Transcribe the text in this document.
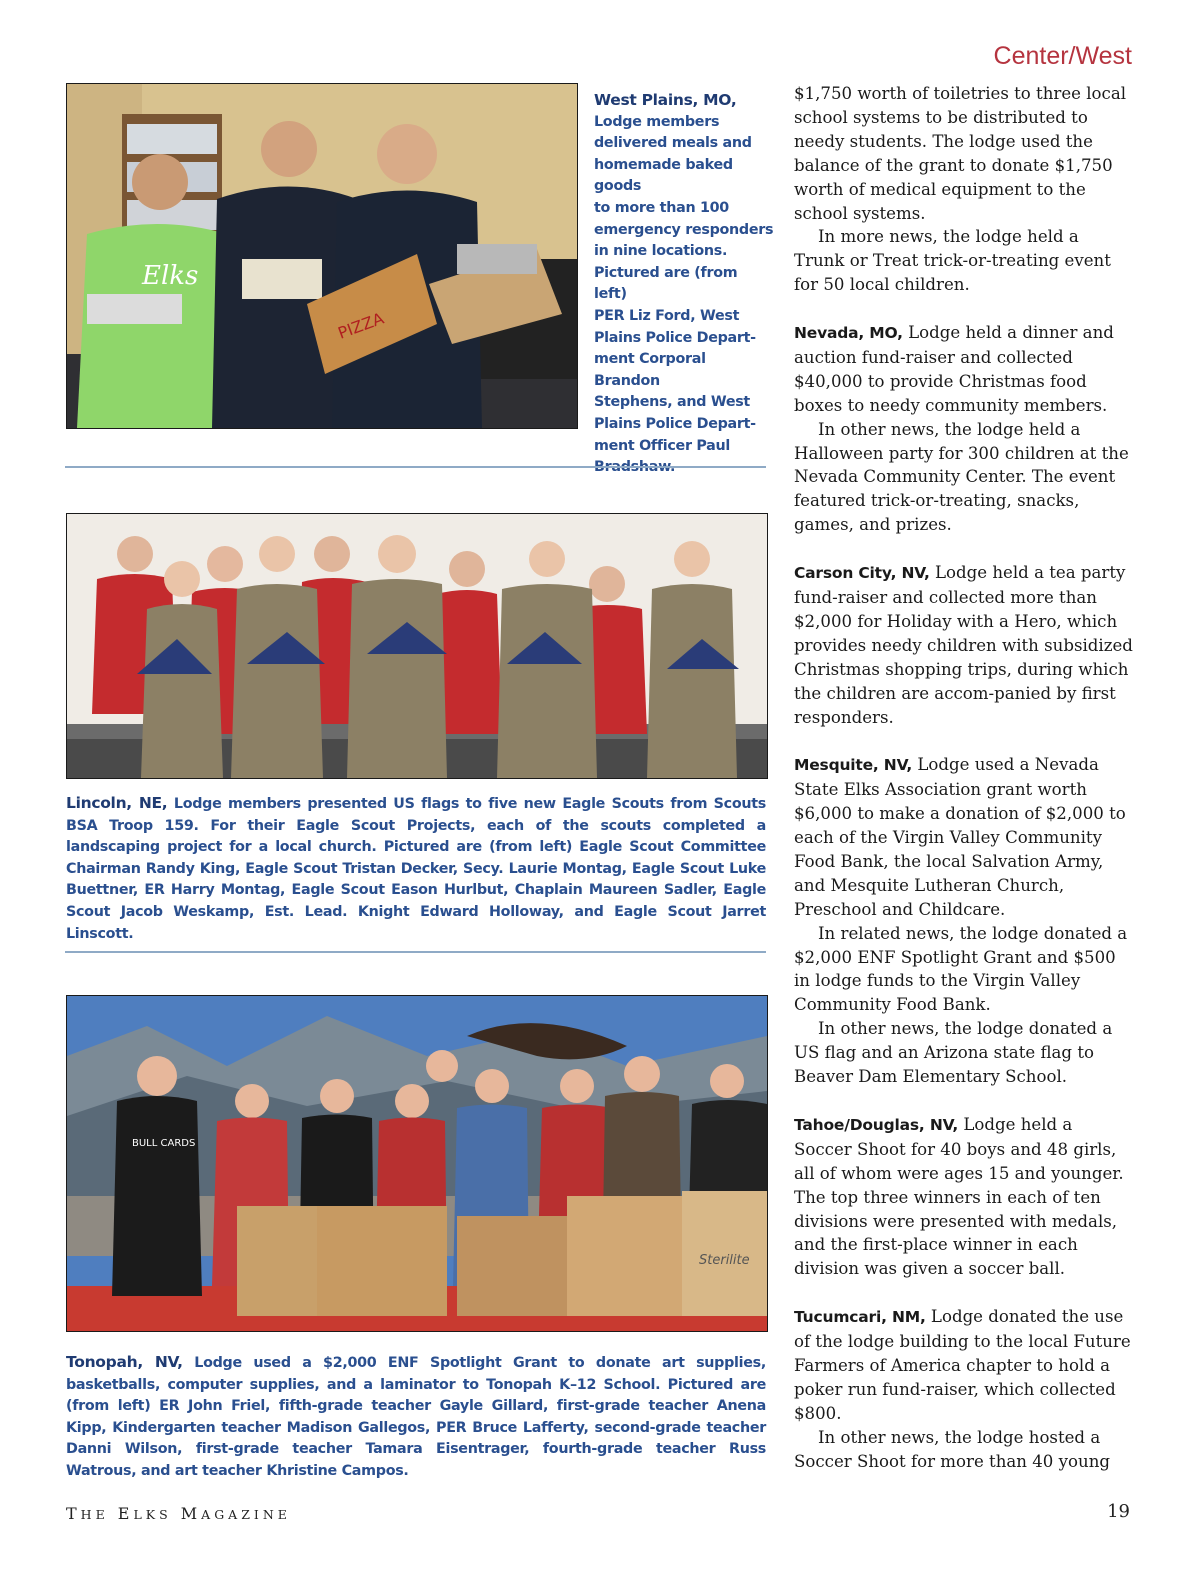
Center/West
Elks
PIZZA
West Plains, MO,
Lodge members
delivered meals and
homemade baked goods
to more than 100
emergency responders
in nine locations.
Pictured are (from left)
PER Liz Ford, West
Plains Police Depart-
ment Corporal Brandon
Stephens, and West
Plains Police Depart-
ment Officer Paul
Bradshaw.
Lincoln, NE, Lodge members presented US flags to five new Eagle Scouts from Scouts BSA Troop 159. For their Eagle Scout Projects, each of the scouts completed a landscaping project for a local church. Pictured are (from left) Eagle Scout Committee Chairman Randy King, Eagle Scout Tristan Decker, Secy. Laurie Montag, Eagle Scout Luke Buettner, ER Harry Montag, Eagle Scout Eason Hurlbut, Chaplain Maureen Sadler, Eagle Scout Jacob Weskamp, Est. Lead. Knight Edward Holloway, and Eagle Scout Jarret Linscott.
BULL CARDS
Sterilite
Tonopah, NV, Lodge used a $2,000 ENF Spotlight Grant to donate art supplies, basketballs, computer supplies, and a laminator to Tonopah K–12 School. Pictured are (from left) ER John Friel, fifth-grade teacher Gayle Gillard, first-grade teacher Anena Kipp, Kindergarten teacher Madison Gallegos, PER Bruce Lafferty, second-grade teacher Danni Wilson, first-grade teacher Tamara Eisentrager, fourth-grade teacher Russ Watrous, and art teacher Khristine Campos.

$1,750 worth of toiletries to three local school systems to be distributed to needy students. The lodge used the balance of the grant to donate $1,750 worth of medical equipment to the school systems.

In more news, the lodge held a Trunk or Treat trick-or-treating event for 50 local children.

Nevada, MO, Lodge held a dinner and auction fund-raiser and collected $40,000 to provide Christmas food boxes to needy community members.

In other news, the lodge held a Halloween party for 300 children at the Nevada Community Center. The event featured trick-or-treating, snacks, games, and prizes.

Carson City, NV, Lodge held a tea party fund-raiser and collected more than $2,000 for Holiday with a Hero, which provides needy children with subsidized Christmas shopping trips, during which the children are accom-panied by first responders.

Mesquite, NV, Lodge used a Nevada State Elks Association grant worth $6,000 to make a donation of $2,000 to each of the Virgin Valley Community Food Bank, the local Salvation Army, and Mesquite Lutheran Church, Preschool and Childcare.

In related news, the lodge donated a $2,000 ENF Spotlight Grant and $500 in lodge funds to the Virgin Valley Community Food Bank.

In other news, the lodge donated a US flag and an Arizona state flag to Beaver Dam Elementary School.

Tahoe/Douglas, NV, Lodge held a Soccer Shoot for 40 boys and 48 girls, all of whom were ages 15 and younger. The top three winners in each of ten divisions were presented with medals, and the first-place winner in each division was given a soccer ball.

Tucumcari, NM, Lodge donated the use of the lodge building to the local Future Farmers of America chapter to hold a poker run fund-raiser, which collected $800.

In other news, the lodge hosted a Soccer Shoot for more than 40 young

THE ELKS MAGAZINE	19
